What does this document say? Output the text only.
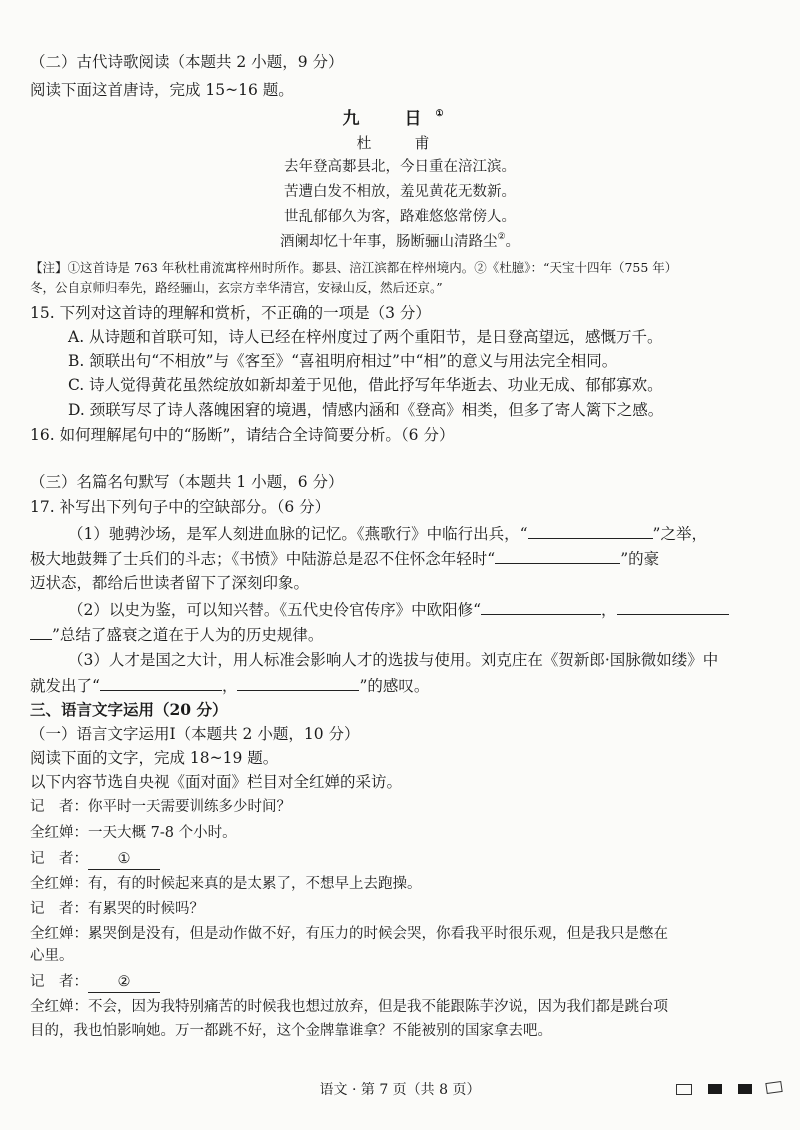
（二）古代诗歌阅读（本题共 2 小题，9 分）
阅读下面这首唐诗，完成 15~16 题。
九　日①
杜　甫
去年登高郪县北，今日重在涪江滨。
苦遭白发不相放，羞见黄花无数新。
世乱郁郁久为客，路难悠悠常傍人。
酒阑却忆十年事，肠断骊山清路尘②。
【注】①这首诗是 763 年秋杜甫流寓梓州时所作。郪县、涪江滨都在梓州境内。②《杜臆》：“天宝十四年（755 年）
冬，公自京师归奉先，路经骊山，玄宗方幸华清宫，安禄山反，然后还京。”
15. 下列对这首诗的理解和赏析，不正确的一项是（3 分）
A. 从诗题和首联可知，诗人已经在梓州度过了两个重阳节，是日登高望远，感慨万千。
B. 颔联出句“不相放”与《客至》“喜祖明府相过”中“相”的意义与用法完全相同。
C. 诗人觉得黄花虽然绽放如新却羞于见他，借此抒写年华逝去、功业无成、郁郁寡欢。
D. 颈联写尽了诗人落魄困窘的境遇，情感内涵和《登高》相类，但多了寄人篱下之感。
16. 如何理解尾句中的“肠断”，请结合全诗简要分析。（6 分）
（三）名篇名句默写（本题共 1 小题，6 分）
17. 补写出下列句子中的空缺部分。（6 分）
（1）驰骋沙场，是军人刻进血脉的记忆。《燕歌行》中临行出兵，“	”之举，
极大地鼓舞了士兵们的斗志；《书愤》中陆游总是忍不住怀念年轻时“	”的豪
迈状态，都给后世读者留下了深刻印象。
（2）以史为鉴，可以知兴替。《五代史伶官传序》中欧阳修“	，
”总结了盛衰之道在于人为的历史规律。
（3）人才是国之大计，用人标准会影响人才的选拔与使用。刘克庄在《贺新郎·国脉微如缕》中
就发出了“	，	”的感叹。
三、语言文字运用（20 分）
（一）语言文字运用Ⅰ（本题共 2 小题，10 分）
阅读下面的文字，完成 18~19 题。
以下内容节选自央视《面对面》栏目对全红婵的采访。
记　者：你平时一天需要训练多少时间？
全红婵：一天大概 7-8 个小时。
记　者： ①
全红婵：有，有的时候起来真的是太累了，不想早上去跑操。
记　者：有累哭的时候吗？
全红婵：累哭倒是没有，但是动作做不好，有压力的时候会哭，你看我平时很乐观，但是我只是憋在
心里。
记　者： ②
全红婵：不会，因为我特别痛苦的时候我也想过放弃，但是我不能跟陈芋汐说，因为我们都是跳台项
目的，我也怕影响她。万一都跳不好，这个金牌靠谁拿？不能被别的国家拿去吧。
语文 · 第 7 页（共 8 页）
